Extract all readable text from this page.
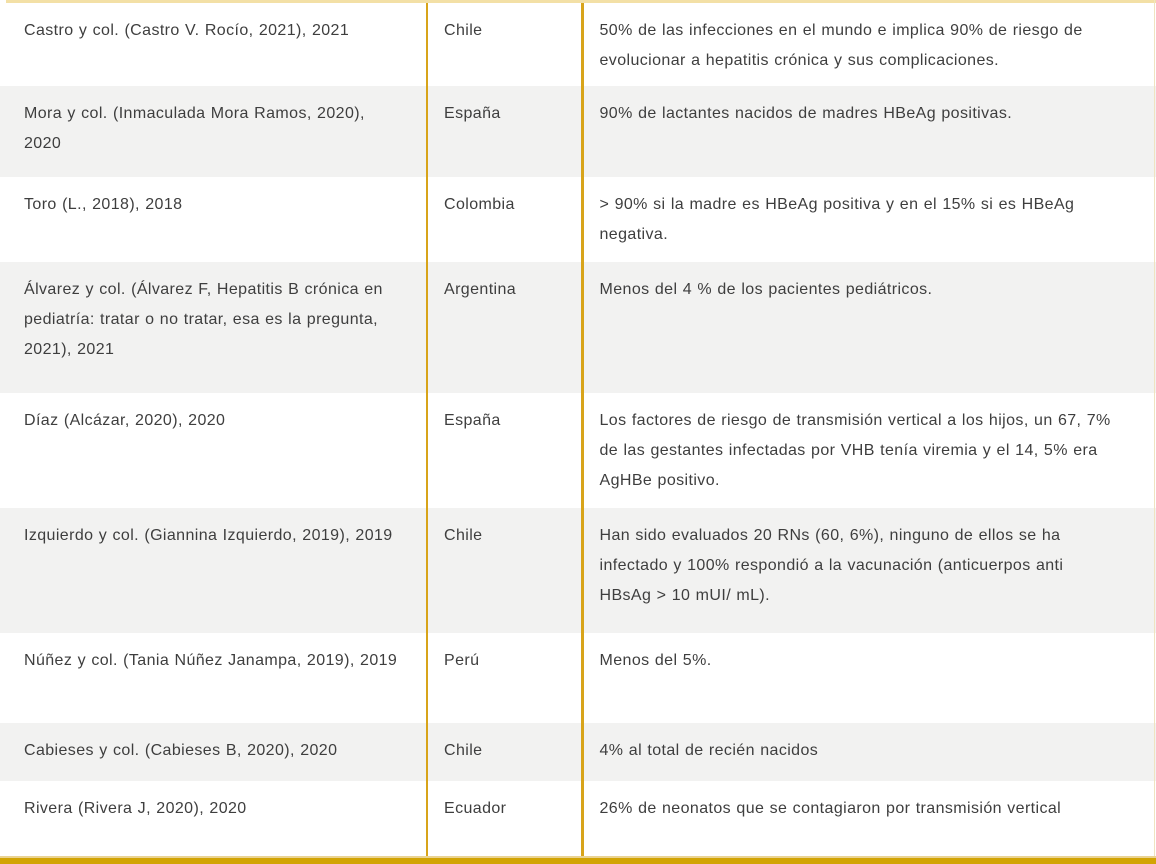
Castro y col. (Castro V. Rocío, 2021), 2021	Chile	50% de las infecciones en el mundo e implica 90% de riesgo de evolucionar a hepatitis crónica y sus complicaciones.
Mora y col. (Inmaculada Mora Ramos, 2020), 2020	España	90% de lactantes nacidos de madres HBeAg positivas.
Toro (L., 2018), 2018	Colombia	> 90% si la madre es HBeAg positiva y en el 15% si es HBeAg negativa.
Álvarez y col. (Álvarez F, Hepatitis B crónica en pediatría: tratar o no tratar, esa es la pregunta, 2021), 2021	Argentina	Menos del 4 % de los pacientes pediátricos.
Díaz (Alcázar, 2020), 2020	España	Los factores de riesgo de transmisión vertical a los hijos, un 67, 7% de las gestantes infectadas por VHB tenía viremia y el 14, 5% era AgHBe positivo.
Izquierdo y col. (Giannina Izquierdo, 2019), 2019	Chile	Han sido evaluados 20 RNs (60, 6%), ninguno de ellos se ha infectado y 100% respondió a la vacunación (anticuerpos anti HBsAg > 10 mUI/ mL).
Núñez y col. (Tania Núñez Janampa, 2019), 2019	Perú	Menos del 5%.
Cabieses y col. (Cabieses B, 2020), 2020	Chile	4% al total de recién nacidos
Rivera (Rivera J, 2020), 2020	Ecuador	26% de neonatos que se contagiaron por transmisión vertical
